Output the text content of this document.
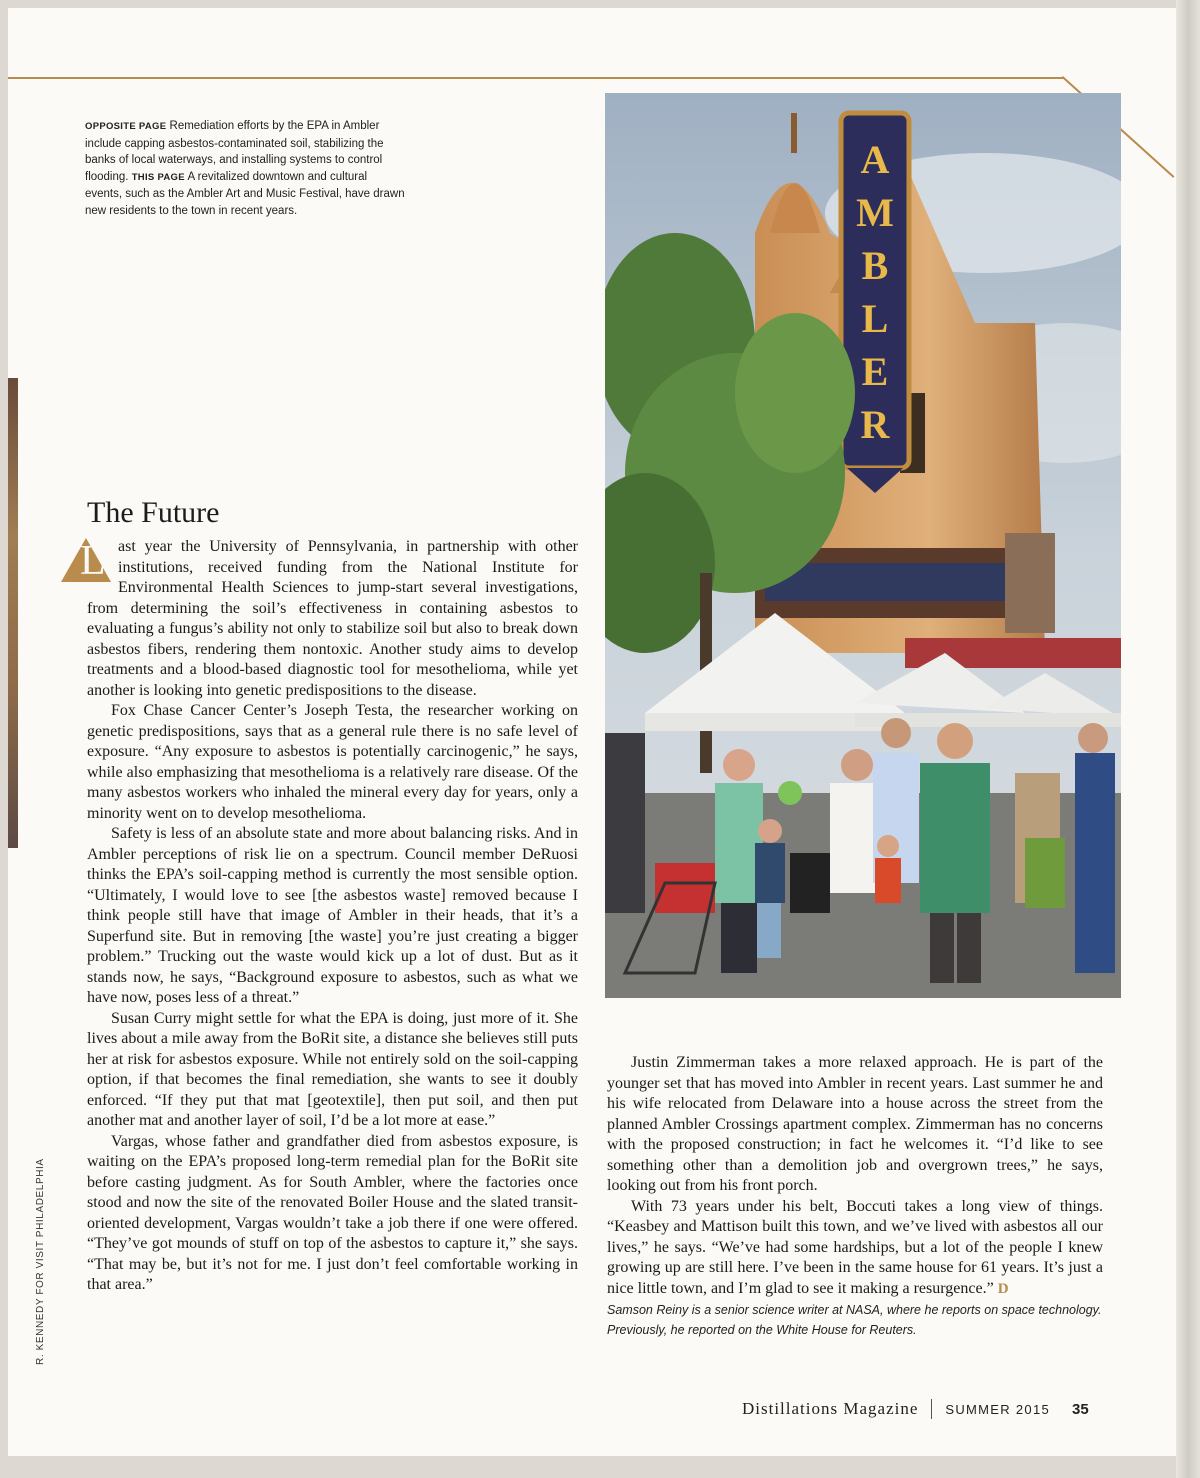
OPPOSITE PAGE Remediation efforts by the EPA in Ambler include capping asbestos-contaminated soil, stabilizing the banks of local waterways, and installing systems to control flooding. THIS PAGE A revitalized downtown and cultural events, such as the Ambler Art and Music Festival, have drawn new residents to the town in recent years.
A
M
B
L
E
R
The Future
L ast year the University of Pennsylvania, in partnership with other institutions, received funding from the National Institute for Environmental Health Sciences to jump-start several investigations, from determining the soil’s effectiveness in containing asbestos to evaluating a fungus’s ability not only to stabilize soil but also to break down asbestos fibers, rendering them nontoxic. Another study aims to develop treatments and a blood-based diagnostic tool for mesothelioma, while yet another is looking into genetic predispositions to the disease.

Fox Chase Cancer Center’s Joseph Testa, the researcher working on genetic predispositions, says that as a general rule there is no safe level of exposure. “Any exposure to asbestos is potentially carcinogenic,” he says, while also emphasizing that mesothelioma is a relatively rare disease. Of the many asbestos workers who inhaled the mineral every day for years, only a minority went on to develop mesothelioma.

Safety is less of an absolute state and more about balancing risks. And in Ambler perceptions of risk lie on a spectrum. Council member DeRuosi thinks the EPA’s soil-capping method is currently the most sensible option. “Ultimately, I would love to see [the asbestos waste] removed because I think people still have that image of Ambler in their heads, that it’s a Superfund site. But in removing [the waste] you’re just creating a bigger problem.” Trucking out the waste would kick up a lot of dust. But as it stands now, he says, “Background exposure to asbestos, such as what we have now, poses less of a threat.”

Susan Curry might settle for what the EPA is doing, just more of it. She lives about a mile away from the BoRit site, a distance she believes still puts her at risk for asbestos exposure. While not entirely sold on the soil-capping option, if that becomes the final remediation, she wants to see it doubly enforced. “If they put that mat [geotextile], then put soil, and then put another mat and another layer of soil, I’d be a lot more at ease.”

Vargas, whose father and grandfather died from asbestos exposure, is waiting on the EPA’s proposed long-term remedial plan for the BoRit site before casting judgment. As for South Ambler, where the factories once stood and now the site of the renovated Boiler House and the slated transit-oriented development, Vargas wouldn’t take a job there if one were offered. “They’ve got mounds of stuff on top of the asbestos to capture it,” she says. “That may be, but it’s not for me. I just don’t feel comfortable working in that area.”

Justin Zimmerman takes a more relaxed approach. He is part of the younger set that has moved into Ambler in recent years. Last summer he and his wife relocated from Delaware into a house across the street from the planned Ambler Crossings apartment complex. Zimmerman has no concerns with the proposed construction; in fact he welcomes it. “I’d like to see something other than a demolition job and overgrown trees,” he says, looking out from his front porch.

With 73 years under his belt, Boccuti takes a long view of things. “Keasbey and Mattison built this town, and we’ve lived with asbestos all our lives,” he says. “We’ve had some hardships, but a lot of the people I knew growing up are still here. I’ve been in the same house for 61 years. It’s just a nice little town, and I’m glad to see it making a resurgence.” D

Samson Reiny is a senior science writer at NASA, where he reports on space technology. Previously, he reported on the White House for Reuters.
R. KENNEDY FOR VISIT PHILADELPHIA
Distillations Magazine SUMMER 2015 35
